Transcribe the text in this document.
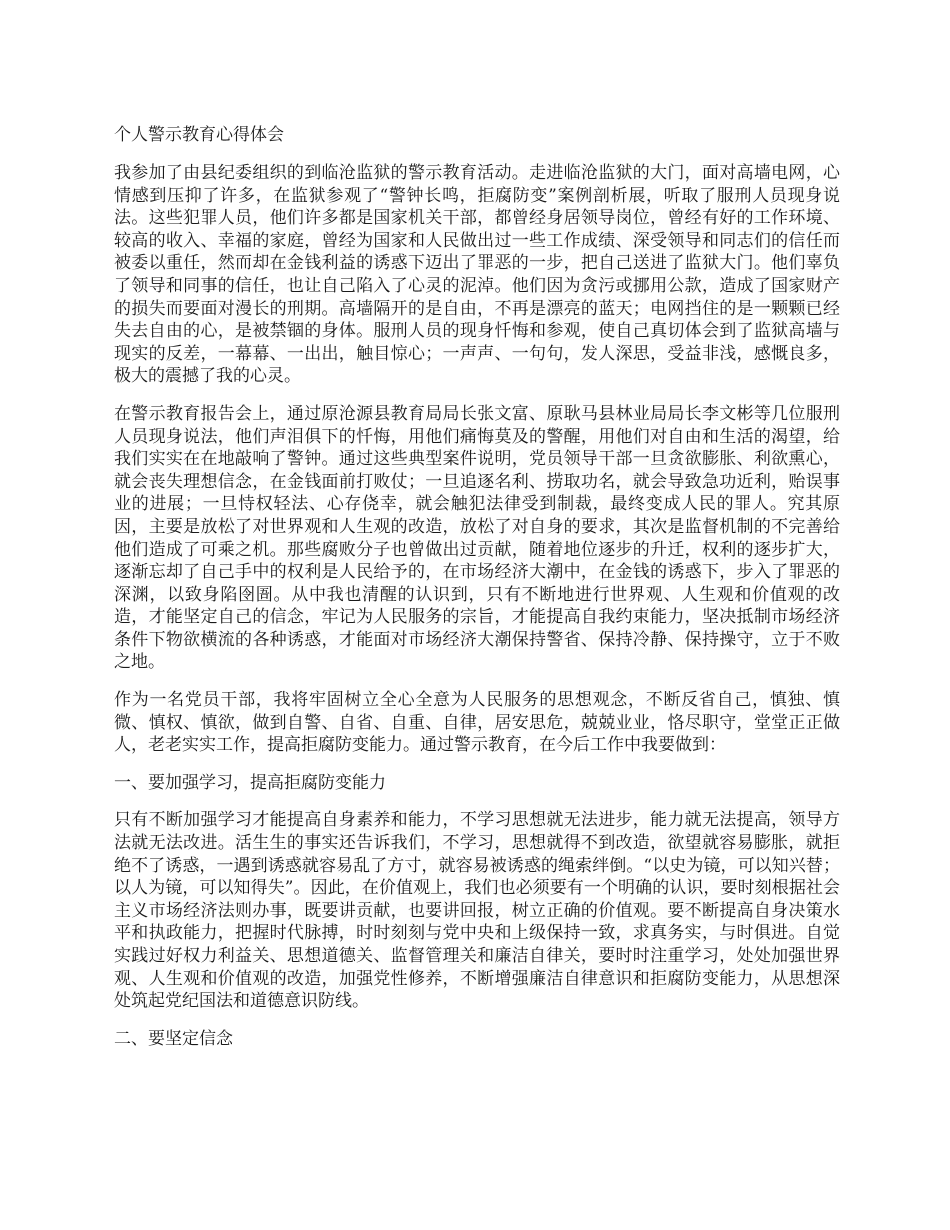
个人警示教育心得体会

我参加了由县纪委组织的到临沧监狱的警示教育活动。走进临沧监狱的大门，面对高墙电网，心情感到压抑了许多，在监狱参观了“警钟长鸣，拒腐防变”案例剖析展，听取了服刑人员现身说法。这些犯罪人员，他们许多都是国家机关干部，都曾经身居领导岗位，曾经有好的工作环境、较高的收入、幸福的家庭，曾经为国家和人民做出过一些工作成绩、深受领导和同志们的信任而被委以重任，然而却在金钱利益的诱惑下迈出了罪恶的一步，把自己送进了监狱大门。他们辜负了领导和同事的信任，也让自己陷入了心灵的泥淖。他们因为贪污或挪用公款，造成了国家财产的损失而要面对漫长的刑期。高墙隔开的是自由，不再是漂亮的蓝天；电网挡住的是一颗颗已经失去自由的心，是被禁锢的身体。服刑人员的现身忏悔和参观，使自己真切体会到了监狱高墙与现实的反差，一幕幕、一出出，触目惊心；一声声、一句句，发人深思，受益非浅，感慨良多，极大的震撼了我的心灵。

在警示教育报告会上，通过原沧源县教育局局长张文富、原耿马县林业局局长李文彬等几位服刑人员现身说法，他们声泪俱下的忏悔，用他们痛悔莫及的警醒，用他们对自由和生活的渴望，给我们实实在在地敲响了警钟。通过这些典型案件说明，党员领导干部一旦贪欲膨胀、利欲熏心，就会丧失理想信念，在金钱面前打败仗；一旦追逐名利、捞取功名，就会导致急功近利，贻误事业的进展；一旦恃权轻法、心存侥幸，就会触犯法律受到制裁，最终变成人民的罪人。究其原因，主要是放松了对世界观和人生观的改造，放松了对自身的要求，其次是监督机制的不完善给他们造成了可乘之机。那些腐败分子也曾做出过贡献，随着地位逐步的升迁，权利的逐步扩大，逐渐忘却了自己手中的权利是人民给予的，在市场经济大潮中，在金钱的诱惑下，步入了罪恶的深渊，以致身陷囹圄。从中我也清醒的认识到，只有不断地进行世界观、人生观和价值观的改造，才能坚定自己的信念，牢记为人民服务的宗旨，才能提高自我约束能力，坚决抵制市场经济条件下物欲横流的各种诱惑，才能面对市场经济大潮保持警省、保持冷静、保持操守，立于不败之地。

作为一名党员干部，我将牢固树立全心全意为人民服务的思想观念，不断反省自己，慎独、慎微、慎权、慎欲，做到自警、自省、自重、自律，居安思危，兢兢业业，恪尽职守，堂堂正正做人，老老实实工作，提高拒腐防变能力。通过警示教育，在今后工作中我要做到：

一、要加强学习，提高拒腐防变能力

只有不断加强学习才能提高自身素养和能力，不学习思想就无法进步，能力就无法提高，领导方法就无法改进。活生生的事实还告诉我们，不学习，思想就得不到改造，欲望就容易膨胀，就拒绝不了诱惑，一遇到诱惑就容易乱了方寸，就容易被诱惑的绳索绊倒。“以史为镜，可以知兴替；以人为镜，可以知得失”。因此，在价值观上，我们也必须要有一个明确的认识，要时刻根据社会主义市场经济法则办事，既要讲贡献，也要讲回报，树立正确的价值观。要不断提高自身决策水平和执政能力，把握时代脉搏，时时刻刻与党中央和上级保持一致，求真务实，与时俱进。自觉实践过好权力利益关、思想道德关、监督管理关和廉洁自律关，要时时注重学习，处处加强世界观、人生观和价值观的改造，加强党性修养，不断增强廉洁自律意识和拒腐防变能力，从思想深处筑起党纪国法和道德意识防线。

二、要坚定信念
